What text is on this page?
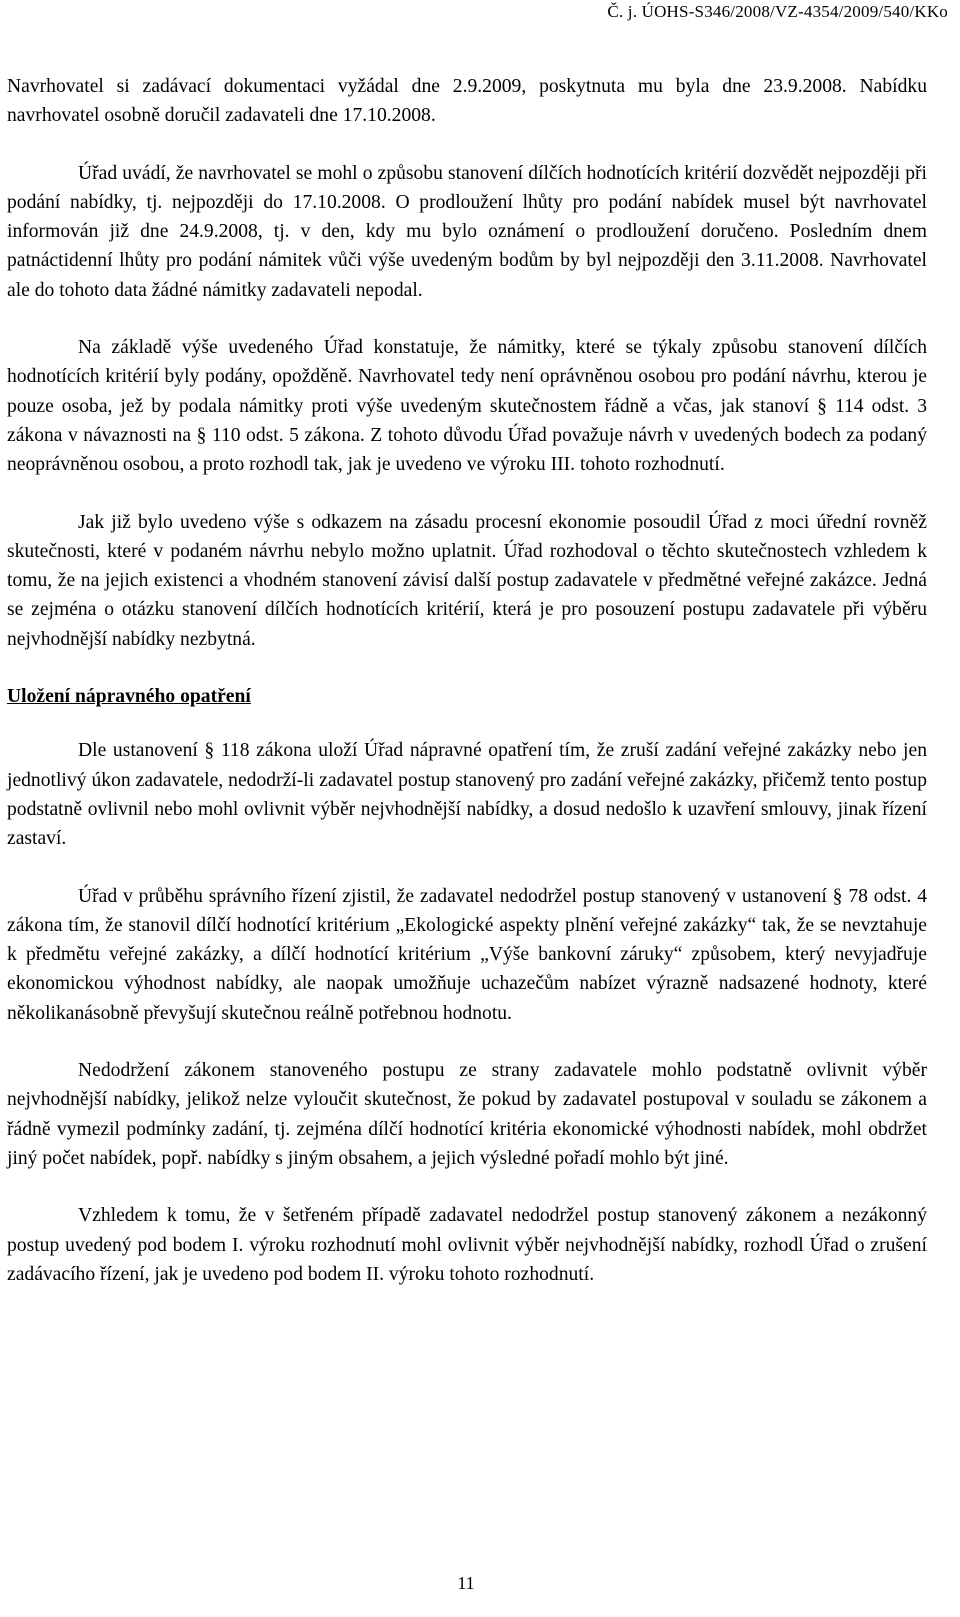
Č. j. ÚOHS-S346/2008/VZ-4354/2009/540/KKo

Navrhovatel si zadávací dokumentaci vyžádal dne 2.9.2009, poskytnuta mu byla dne 23.9.2008. Nabídku navrhovatel osobně doručil zadavateli dne 17.10.2008.

Úřad uvádí, že navrhovatel se mohl o způsobu stanovení dílčích hodnotících kritérií dozvědět nejpozději při podání nabídky, tj. nejpozději do 17.10.2008. O prodloužení lhůty pro podání nabídek musel být navrhovatel informován již dne 24.9.2008, tj. v den, kdy mu bylo oznámení o prodloužení doručeno. Posledním dnem patnáctidenní lhůty pro podání námitek vůči výše uvedeným bodům by byl nejpozději den 3.11.2008. Navrhovatel ale do tohoto data žádné námitky zadavateli nepodal.

Na základě výše uvedeného Úřad konstatuje, že námitky, které se týkaly způsobu stanovení dílčích hodnotících kritérií byly podány, opožděně. Navrhovatel tedy není oprávněnou osobou pro podání návrhu, kterou je pouze osoba, jež by podala námitky proti výše uvedeným skutečnostem řádně a včas, jak stanoví § 114 odst. 3 zákona v návaznosti na § 110 odst. 5 zákona. Z tohoto důvodu Úřad považuje návrh v uvedených bodech za podaný neoprávněnou osobou, a proto rozhodl tak, jak je uvedeno ve výroku III. tohoto rozhodnutí.

Jak již bylo uvedeno výše s odkazem na zásadu procesní ekonomie posoudil Úřad z moci úřední rovněž skutečnosti, které v podaném návrhu nebylo možno uplatnit. Úřad rozhodoval o těchto skutečnostech vzhledem k tomu, že na jejich existenci a vhodném stanovení závisí další postup zadavatele v předmětné veřejné zakázce. Jedná se zejména o otázku stanovení dílčích hodnotících kritérií, která je pro posouzení postupu zadavatele při výběru nejvhodnější nabídky nezbytná.

Uložení nápravného opatření

Dle ustanovení § 118 zákona uloží Úřad nápravné opatření tím, že zruší zadání veřejné zakázky nebo jen jednotlivý úkon zadavatele, nedodrží-li zadavatel postup stanovený pro zadání veřejné zakázky, přičemž tento postup podstatně ovlivnil nebo mohl ovlivnit výběr nejvhodnější nabídky, a dosud nedošlo k uzavření smlouvy, jinak řízení zastaví.

Úřad v průběhu správního řízení zjistil, že zadavatel nedodržel postup stanovený v ustanovení § 78 odst. 4 zákona tím, že stanovil dílčí hodnotící kritérium „Ekologické aspekty plnění veřejné zakázky“ tak, že se nevztahuje k předmětu veřejné zakázky, a dílčí hodnotící kritérium „Výše bankovní záruky“ způsobem, který nevyjadřuje ekonomickou výhodnost nabídky, ale naopak umožňuje uchazečům nabízet výrazně nadsazené hodnoty, které několikanásobně převyšují skutečnou reálně potřebnou hodnotu.

Nedodržení zákonem stanoveného postupu ze strany zadavatele mohlo podstatně ovlivnit výběr nejvhodnější nabídky, jelikož nelze vyloučit skutečnost, že pokud by zadavatel postupoval v souladu se zákonem a řádně vymezil podmínky zadání, tj. zejména dílčí hodnotící kritéria ekonomické výhodnosti nabídek, mohl obdržet jiný počet nabídek, popř. nabídky s jiným obsahem, a jejich výsledné pořadí mohlo být jiné.

Vzhledem k tomu, že v šetřeném případě zadavatel nedodržel postup stanovený zákonem a nezákonný postup uvedený pod bodem I. výroku rozhodnutí mohl ovlivnit výběr nejvhodnější nabídky, rozhodl Úřad o zrušení zadávacího řízení, jak je uvedeno pod bodem II. výroku tohoto rozhodnutí.

11
